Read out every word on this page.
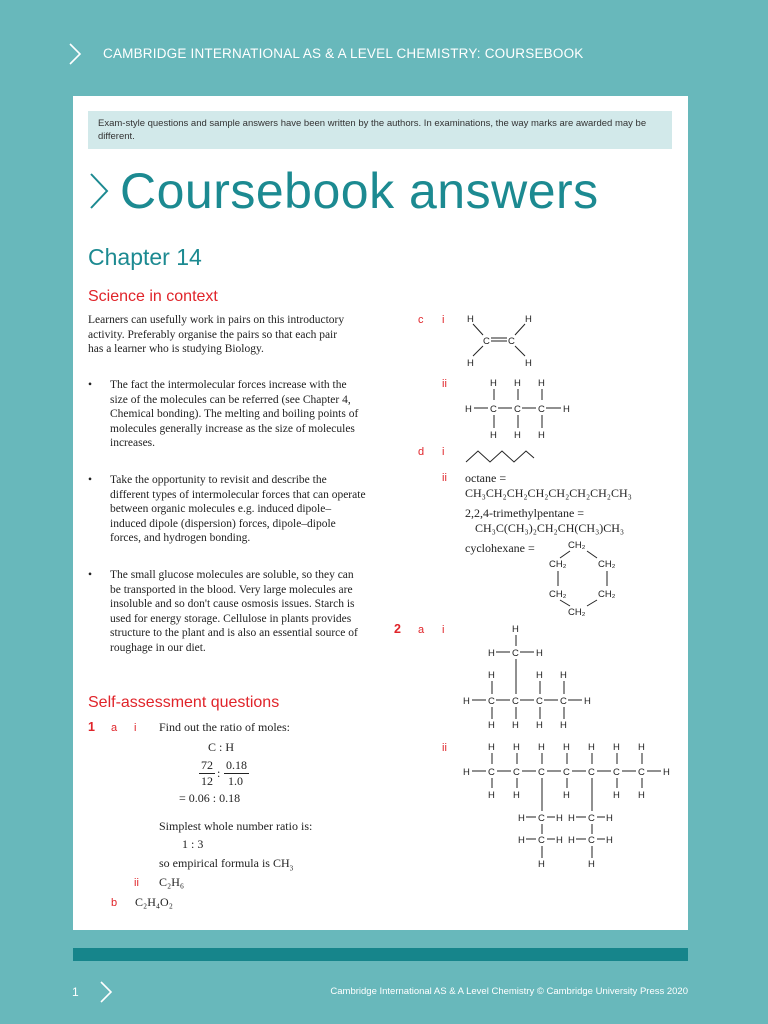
CAMBRIDGE INTERNATIONAL AS & A LEVEL CHEMISTRY: COURSEBOOK
Exam-style questions and sample answers have been written by the authors. In examinations, the way marks are awarded may be different.
Coursebook answers
Chapter 14
Science in context
Learners can usefully work in pairs on this introductory activity. Preferably organise the pairs so that each pair has a learner who is studying Biology.
• The fact the intermolecular forces increase with the size of the molecules can be referred (see Chapter 4, Chemical bonding). The melting and boiling points of molecules generally increase as the size of molecules increases.
• Take the opportunity to revisit and describe the different types of intermolecular forces that can operate between organic molecules e.g. induced dipole–induced dipole (dispersion) forces, dipole–dipole forces, and hydrogen bonding.
• The small glucose molecules are soluble, so they can be transported in the blood. Very large molecules are insoluble and so don't cause osmosis issues. Starch is used for energy storage. Cellulose in plants provides structure to the plant and is also an essential source of roughage in our diet.
Self-assessment questions
1 a i Find out the ratio of moles:
C : H
72
12
:
0.18
1.0
= 0.06 : 0.18
Simplest whole number ratio is:
1 : 3
so empirical formula is $CH_3$
ii C₂H₆
b C₂H₄O₂
c i
ii
d i
ii
2 a i
ii
H	H
C C
H	H
H H H
H C C C H
H H H
octane =
CH₃CH₂CH₂CH₂CH₂CH₂CH₂CH₃
2,2,4-trimethylpentane =
CH₃C(CH₃)₂CH₂CH(CH₃)CH₃
cyclohexane =	CH₂
CH₂	CH₂
CH₂	CH₂
CH₂
H
H C H
H	H H
H C C C C H
H H H H
H H H H H H H
H C C C C C C C H
H H	H	H H
H C H H C H
H C H H C H
H	H
1	Cambridge International AS & A Level Chemistry © Cambridge University Press 2020
